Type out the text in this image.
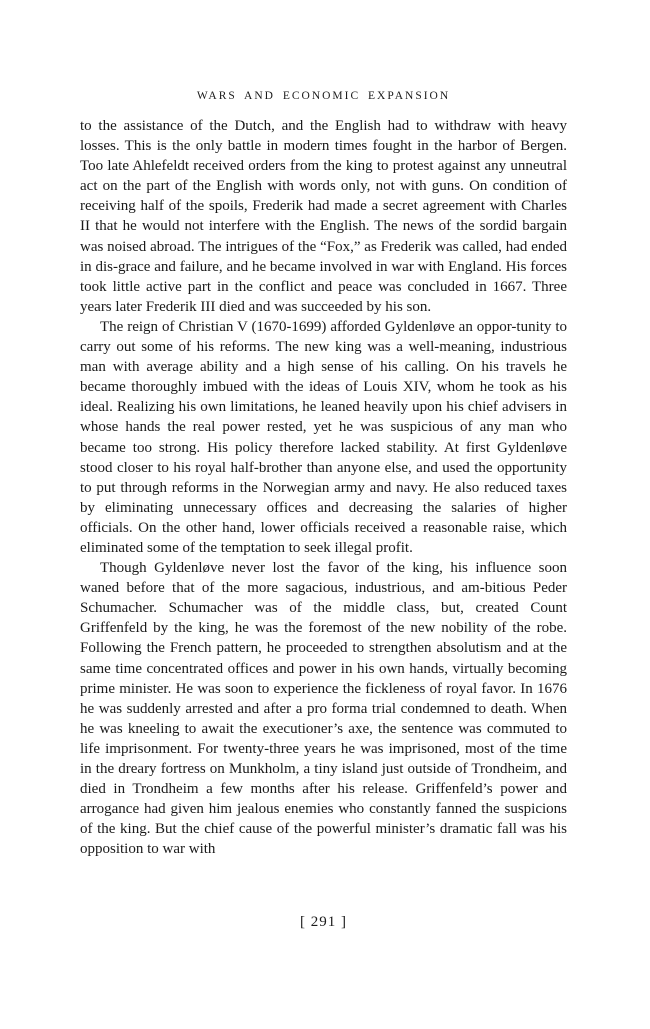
WARS AND ECONOMIC EXPANSION

to the assistance of the Dutch, and the English had to withdraw with heavy losses. This is the only battle in modern times fought in the harbor of Bergen. Too late Ahlefeldt received orders from the king to protest against any unneutral act on the part of the English with words only, not with guns. On condition of receiving half of the spoils, Frederik had made a secret agreement with Charles II that he would not interfere with the English. The news of the sordid bargain was noised abroad. The intrigues of the “Fox,” as Frederik was called, had ended in dis-grace and failure, and he became involved in war with England. His forces took little active part in the conflict and peace was concluded in 1667. Three years later Frederik III died and was succeeded by his son.

The reign of Christian V (1670-1699) afforded Gyldenløve an oppor-tunity to carry out some of his reforms. The new king was a well-meaning, industrious man with average ability and a high sense of his calling. On his travels he became thoroughly imbued with the ideas of Louis XIV, whom he took as his ideal. Realizing his own limitations, he leaned heavily upon his chief advisers in whose hands the real power rested, yet he was suspicious of any man who became too strong. His policy therefore lacked stability. At first Gyldenløve stood closer to his royal half-brother than anyone else, and used the opportunity to put through reforms in the Norwegian army and navy. He also reduced taxes by eliminating unnecessary offices and decreasing the salaries of higher officials. On the other hand, lower officials received a reasonable raise, which eliminated some of the temptation to seek illegal profit.

Though Gyldenløve never lost the favor of the king, his influence soon waned before that of the more sagacious, industrious, and am-bitious Peder Schumacher. Schumacher was of the middle class, but, created Count Griffenfeld by the king, he was the foremost of the new nobility of the robe. Following the French pattern, he proceeded to strengthen absolutism and at the same time concentrated offices and power in his own hands, virtually becoming prime minister. He was soon to experience the fickleness of royal favor. In 1676 he was suddenly arrested and after a pro forma trial condemned to death. When he was kneeling to await the executioner’s axe, the sentence was commuted to life imprisonment. For twenty-three years he was imprisoned, most of the time in the dreary fortress on Munkholm, a tiny island just outside of Trondheim, and died in Trondheim a few months after his release. Griffenfeld’s power and arrogance had given him jealous enemies who constantly fanned the suspicions of the king. But the chief cause of the powerful minister’s dramatic fall was his opposition to war with

[ 291 ]
